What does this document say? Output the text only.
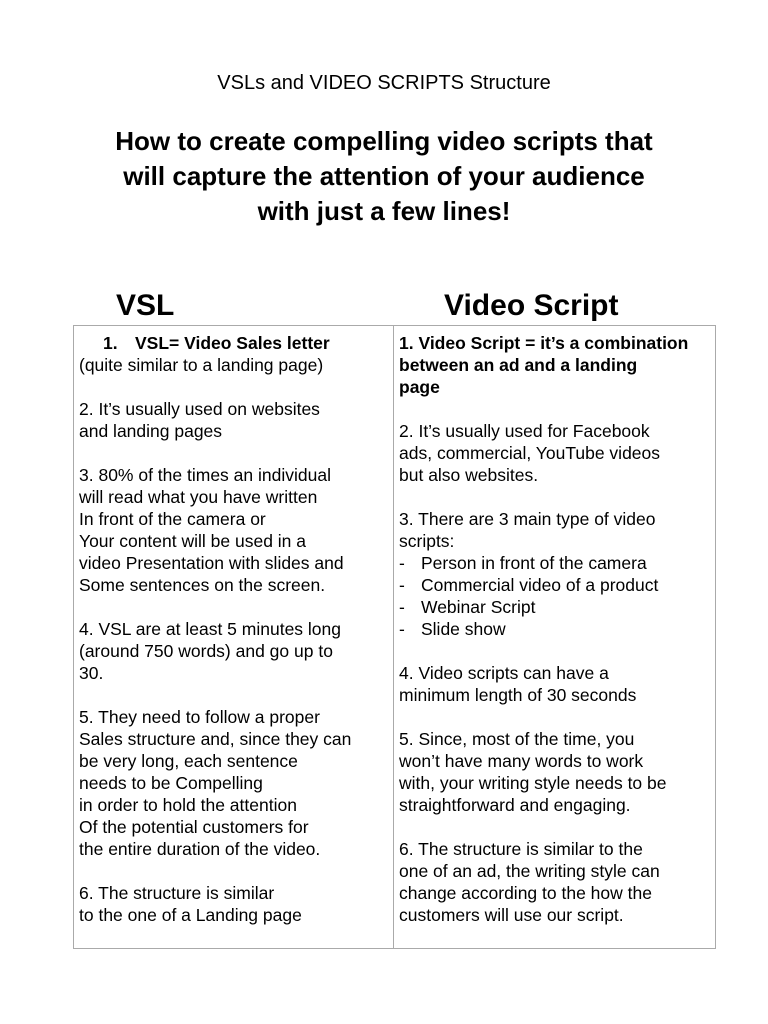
VSLs and VIDEO SCRIPTS Structure
How to create compelling video scripts that
will capture the attention of your audience
with just a few lines!
VSL	Video Script
1. VSL= Video Sales letter
(quite similar to a landing page)
2. It’s usually used on websites
and landing pages
3. 80% of the times an individual
will read what you have written
In front of the camera or
Your content will be used in a
video Presentation with slides and
Some sentences on the screen.
4. VSL are at least 5 minutes long
(around 750 words) and go up to
30.
5. They need to follow a proper
Sales structure and, since they can
be very long, each sentence
needs to be Compelling
in order to hold the attention
Of the potential customers for
the entire duration of the video.
6. The structure is similar
to the one of a Landing page

1. Video Script = it’s a combination
between an ad and a landing
page
2. It’s usually used for Facebook
ads, commercial, YouTube videos
but also websites.
3. There are 3 main type of video
scripts:
- Person in front of the camera
- Commercial video of a product
- Webinar Script
- Slide show
4. Video scripts can have a
minimum length of 30 seconds
5. Since, most of the time, you
won’t have many words to work
with, your writing style needs to be
straightforward and engaging.
6. The structure is similar to the
one of an ad, the writing style can
change according to the how the
customers will use our script.
